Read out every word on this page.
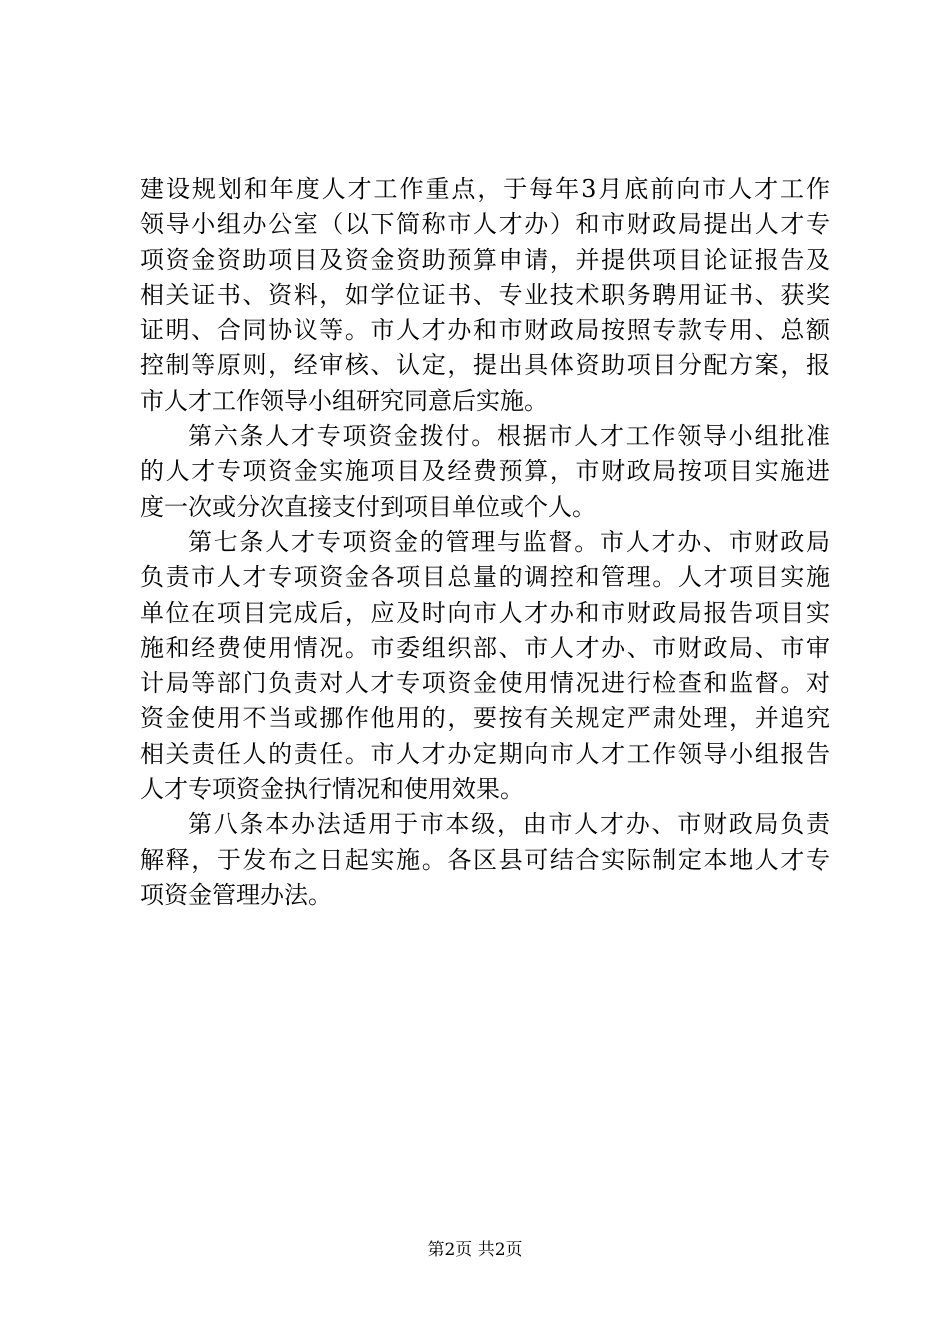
建设规划和年度人才工作重点，于每年3月底前向市人才工作
领导小组办公室（以下简称市人才办）和市财政局提出人才专
项资金资助项目及资金资助预算申请，并提供项目论证报告及
相关证书、资料，如学位证书、专业技术职务聘用证书、获奖
证明、合同协议等。市人才办和市财政局按照专款专用、总额
控制等原则，经审核、认定，提出具体资助项目分配方案，报
市人才工作领导小组研究同意后实施。
第六条人才专项资金拨付。根据市人才工作领导小组批准
的人才专项资金实施项目及经费预算，市财政局按项目实施进
度一次或分次直接支付到项目单位或个人。
第七条人才专项资金的管理与监督。市人才办、市财政局
负责市人才专项资金各项目总量的调控和管理。人才项目实施
单位在项目完成后，应及时向市人才办和市财政局报告项目实
施和经费使用情况。市委组织部、市人才办、市财政局、市审
计局等部门负责对人才专项资金使用情况进行检查和监督。对
资金使用不当或挪作他用的，要按有关规定严肃处理，并追究
相关责任人的责任。市人才办定期向市人才工作领导小组报告
人才专项资金执行情况和使用效果。
第八条本办法适用于市本级，由市人才办、市财政局负责
解释，于发布之日起实施。各区县可结合实际制定本地人才专
项资金管理办法。
第2页 共2页
